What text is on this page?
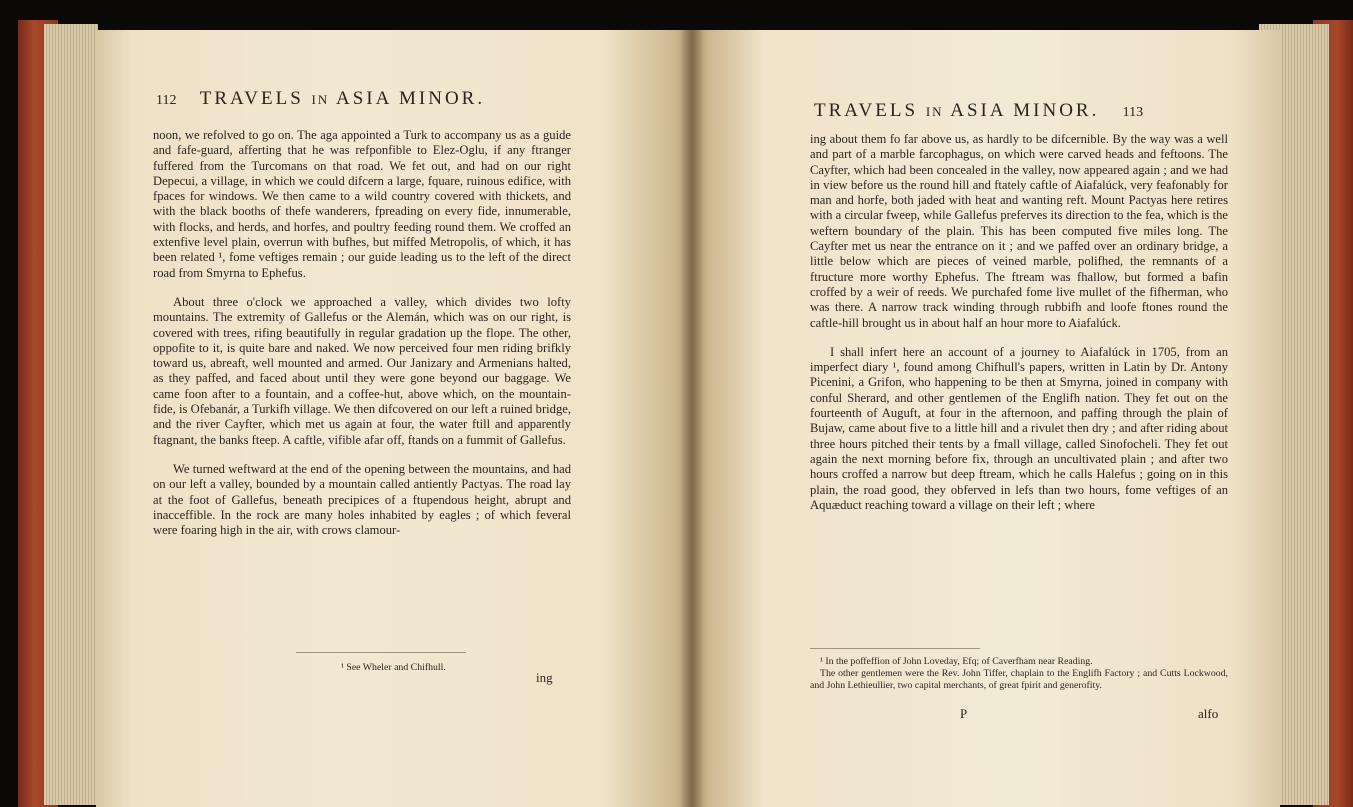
112 TRAVELS IN ASIA MINOR.

noon, we refolved to go on. The aga appointed a Turk to accompany us as a guide and fafe-guard, afferting that he was refponfible to Elez-Oglu, if any ftranger fuffered from the Turcomans on that road. We fet out, and had on our right Depecui, a village, in which we could difcern a large, fquare, ruinous edifice, with fpaces for windows. We then came to a wild country covered with thickets, and with the black booths of thefe wanderers, fpreading on every fide, innumerable, with flocks, and herds, and horfes, and poultry feeding round them. We croffed an extenfive level plain, overrun with bufhes, but miffed Metropolis, of which, it has been related ¹, fome veftiges remain ; our guide leading us to the left of the direct road from Smyrna to Ephefus.

About three o'clock we approached a valley, which divides two lofty mountains. The extremity of Gallefus or the Alemán, which was on our right, is covered with trees, rifing beautifully in regular gradation up the flope. The other, oppofite to it, is quite bare and naked. We now perceived four men riding brifkly toward us, abreaft, well mounted and armed. Our Janizary and Armenians halted, as they paffed, and faced about until they were gone beyond our baggage. We came foon after to a fountain, and a coffee-hut, above which, on the mountain-fide, is Ofebanár, a Turkifh village. We then difcovered on our left a ruined bridge, and the river Cayfter, which met us again at four, the water ftill and apparently ftagnant, the banks fteep. A caftle, vifible afar off, ftands on a fummit of Gallefus.

We turned weftward at the end of the opening between the mountains, and had on our left a valley, bounded by a mountain called antiently Pactyas. The road lay at the foot of Gallefus, beneath precipices of a ftupendous height, abrupt and inacceffible. In the rock are many holes inhabited by eagles ; of which feveral were foaring high in the air, with crows clamour-

¹ See Wheler and Chifhull.
ing
TRAVELS IN ASIA MINOR. 113

ing about them fo far above us, as hardly to be difcernible. By the way was a well and part of a marble farcophagus, on which were carved heads and feftoons. The Cayfter, which had been concealed in the valley, now appeared again ; and we had in view before us the round hill and ftately caftle of Aiafalúck, very feafonably for man and horfe, both jaded with heat and wanting reft. Mount Pactyas here retires with a circular fweep, while Gallefus preferves its direction to the fea, which is the weftern boundary of the plain. This has been computed five miles long. The Cayfter met us near the entrance on it ; and we paffed over an ordinary bridge, a little below which are pieces of veined marble, polifhed, the remnants of a ftructure more worthy Ephefus. The ftream was fhallow, but formed a bafin croffed by a weir of reeds. We purchafed fome live mullet of the fifherman, who was there. A narrow track winding through rubbifh and loofe ftones round the caftle-hill brought us in about half an hour more to Aiafalúck.

I shall infert here an account of a journey to Aiafalúck in 1705, from an imperfect diary ¹, found among Chifhull's papers, written in Latin by Dr. Antony Picenini, a Grifon, who happening to be then at Smyrna, joined in company with conful Sherard, and other gentlemen of the Englifh nation. They fet out on the fourteenth of Auguft, at four in the afternoon, and paffing through the plain of Bujaw, came about five to a little hill and a rivulet then dry ; and after riding about three hours pitched their tents by a fmall village, called Sinofocheli. They fet out again the next morning before fix, through an uncultivated plain ; and after two hours croffed a narrow but deep ftream, which he calls Halefus ; going on in this plain, the road good, they obferved in lefs than two hours, fome veftiges of an Aquæduct reaching toward a village on their left ; where

¹ In the poffeffion of John Loveday, Efq; of Caverfham near Reading.
The other gentlemen were the Rev. John Tiffer, chaplain to the Englifh Factory ; and Cutts Lockwood, and John Lethieullier, two capital merchants, of great fpirit and generofity.
P	alfo
